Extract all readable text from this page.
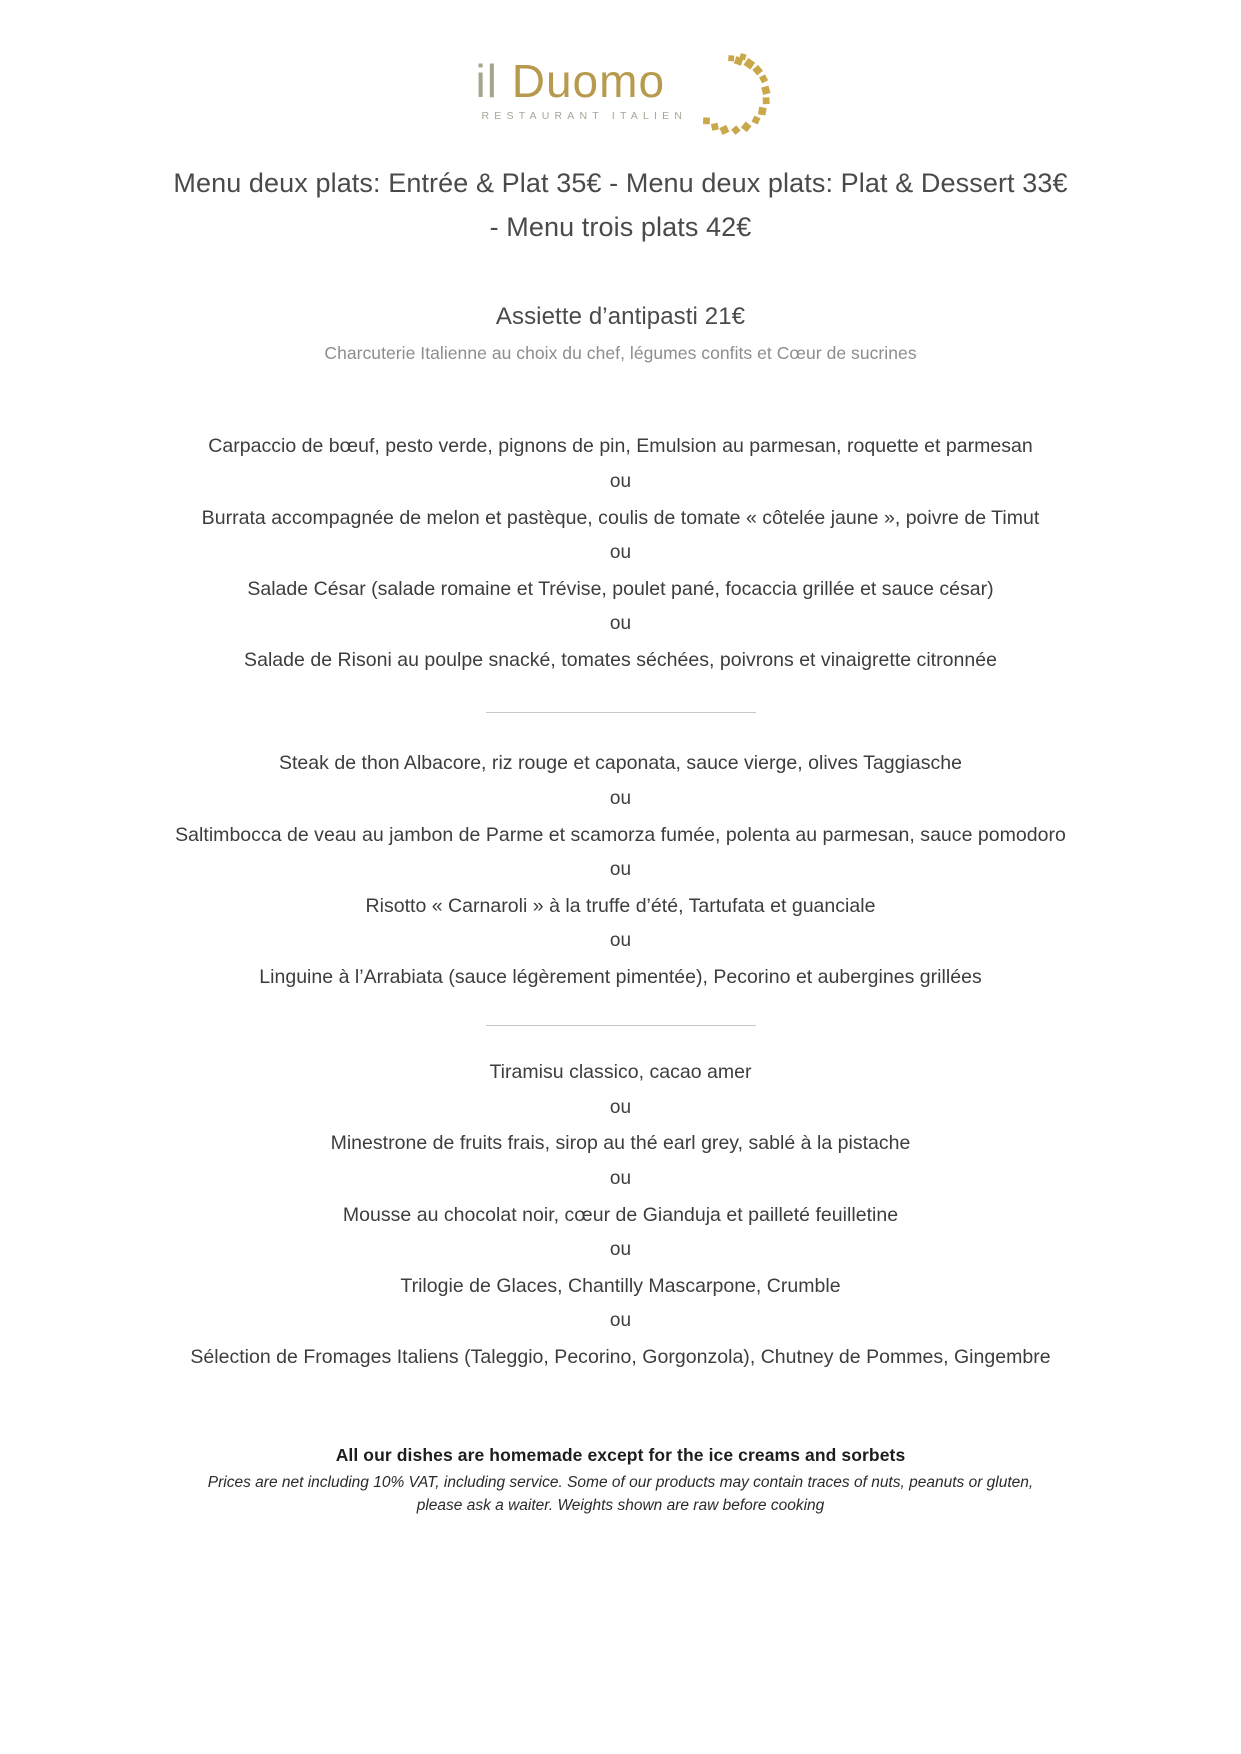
il Duomo
RESTAURANT ITALIEN
Menu deux plats: Entrée & Plat 35€ - Menu deux plats: Plat & Dessert 33€
- Menu trois plats 42€
Assiette d’antipasti 21€
Charcuterie Italienne au choix du chef, légumes confits et Cœur de sucrines
Carpaccio de bœuf, pesto verde, pignons de pin, Emulsion au parmesan, roquette et parmesan
ou
Burrata accompagnée de melon et pastèque, coulis de tomate « côtelée jaune », poivre de Timut
ou
Salade César (salade romaine et Trévise, poulet pané, focaccia grillée et sauce césar)
ou
Salade de Risoni au poulpe snacké, tomates séchées, poivrons et vinaigrette citronnée
Steak de thon Albacore, riz rouge et caponata, sauce vierge, olives Taggiasche
ou
Saltimbocca de veau au jambon de Parme et scamorza fumée, polenta au parmesan, sauce pomodoro
ou
Risotto « Carnaroli » à la truffe d’été, Tartufata et guanciale
ou
Linguine à l’Arrabiata (sauce légèrement pimentée), Pecorino et aubergines grillées
Tiramisu classico, cacao amer
ou
Minestrone de fruits frais, sirop au thé earl grey, sablé à la pistache
ou
Mousse au chocolat noir, cœur de Gianduja et pailleté feuilletine
ou
Trilogie de Glaces, Chantilly Mascarpone, Crumble
ou
Sélection de Fromages Italiens (Taleggio, Pecorino, Gorgonzola), Chutney de Pommes, Gingembre
All our dishes are homemade except for the ice creams and sorbets
Prices are net including 10% VAT, including service. Some of our products may contain traces of nuts, peanuts or gluten,
please ask a waiter. Weights shown are raw before cooking
